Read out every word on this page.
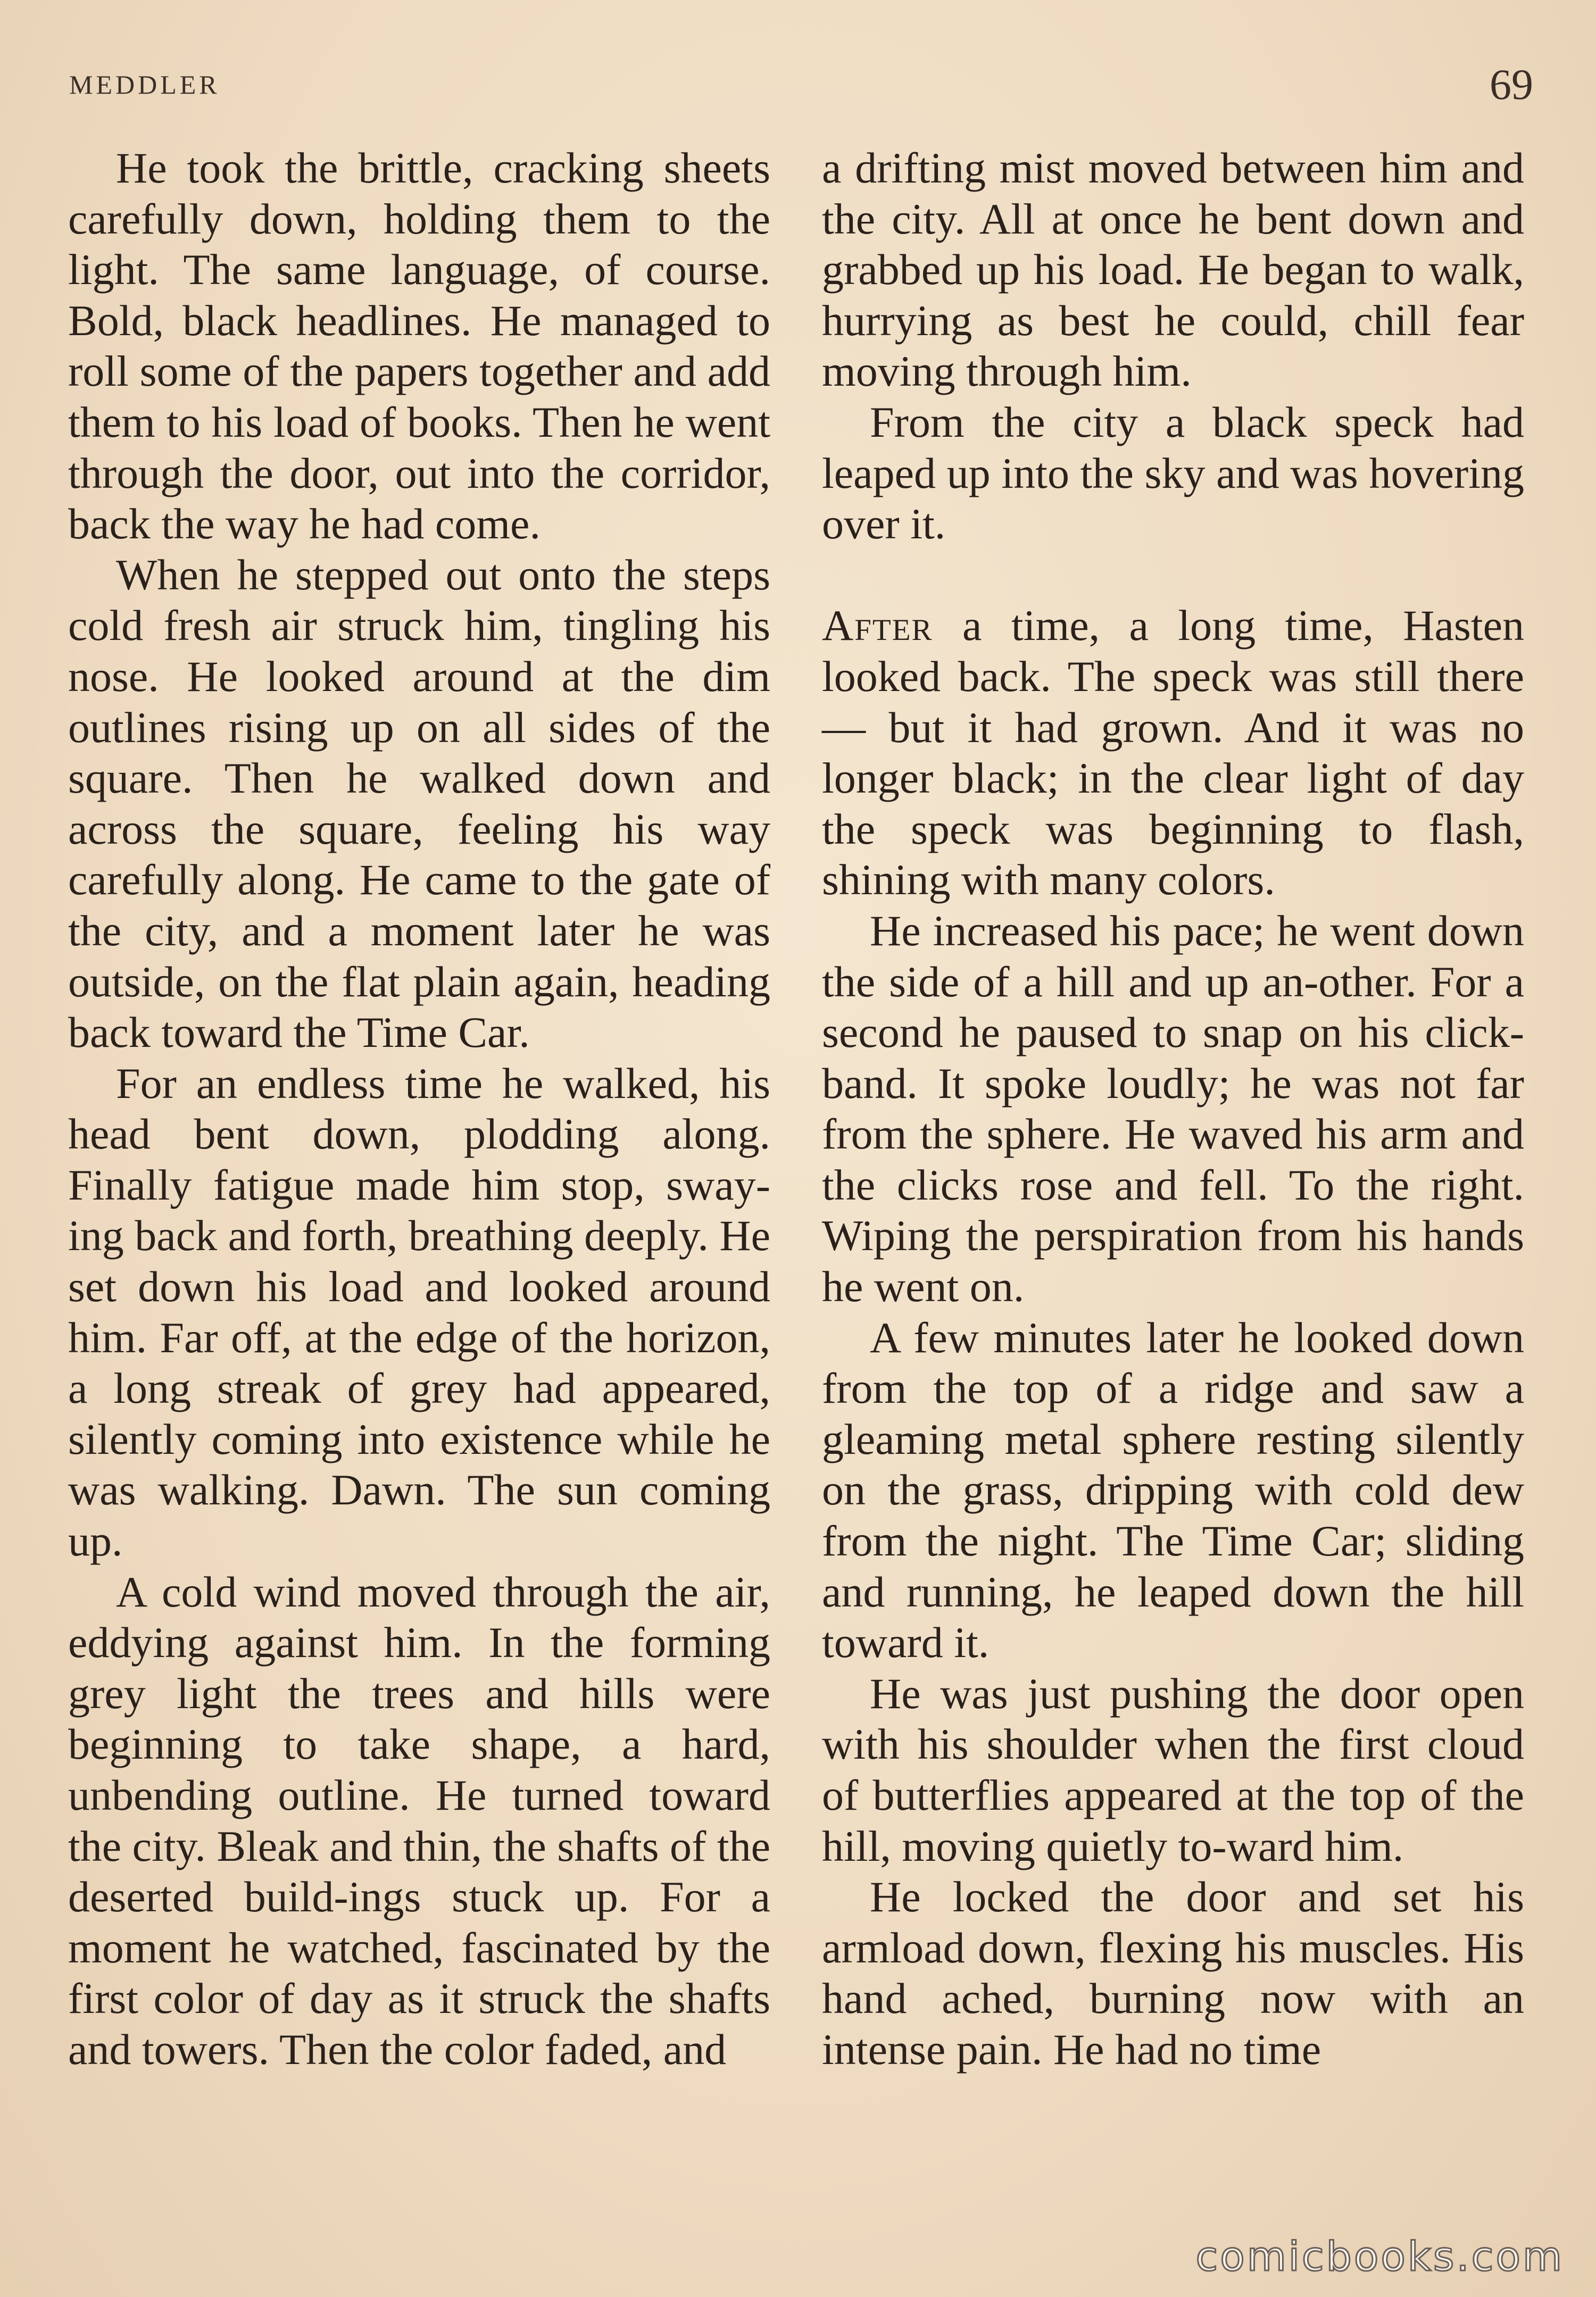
MEDDLER	69

He took the brittle, cracking sheets carefully down, holding them to the light. The same language, of course. Bold, black headlines. He managed to roll some of the papers together and add them to his load of books. Then he went through the door, out into the corridor, back the way he had come.

When he stepped out onto the steps cold fresh air struck him, tingling his nose. He looked around at the dim outlines rising up on all sides of the square. Then he walked down and across the square, feeling his way carefully along. He came to the gate of the city, and a moment later he was outside, on the flat plain again, heading back toward the Time Car.

For an endless time he walked, his head bent down, plodding along. Finally fatigue made him stop, sway-ing back and forth, breathing deeply. He set down his load and looked around him. Far off, at the edge of the horizon, a long streak of grey had appeared, silently coming into existence while he was walking. Dawn. The sun coming up.

A cold wind moved through the air, eddying against him. In the forming grey light the trees and hills were beginning to take shape, a hard, unbending outline. He turned toward the city. Bleak and thin, the shafts of the deserted build-ings stuck up. For a moment he watched, fascinated by the first color of day as it struck the shafts and towers. Then the color faded, and

a drifting mist moved between him and the city. All at once he bent down and grabbed up his load. He began to walk, hurrying as best he could, chill fear moving through him.

From the city a black speck had leaped up into the sky and was hovering over it.

After a time, a long time, Hasten looked back. The speck was still there — but it had grown. And it was no longer black; in the clear light of day the speck was beginning to flash, shining with many colors.

He increased his pace; he went down the side of a hill and up an-other. For a second he paused to snap on his click-band. It spoke loudly; he was not far from the sphere. He waved his arm and the clicks rose and fell. To the right. Wiping the perspiration from his hands he went on.

A few minutes later he looked down from the top of a ridge and saw a gleaming metal sphere resting silently on the grass, dripping with cold dew from the night. The Time Car; sliding and running, he leaped down the hill toward it.

He was just pushing the door open with his shoulder when the first cloud of butterflies appeared at the top of the hill, moving quietly to-ward him.

He locked the door and set his armload down, flexing his muscles. His hand ached, burning now with an intense pain. He had no time

comicbooks.com
